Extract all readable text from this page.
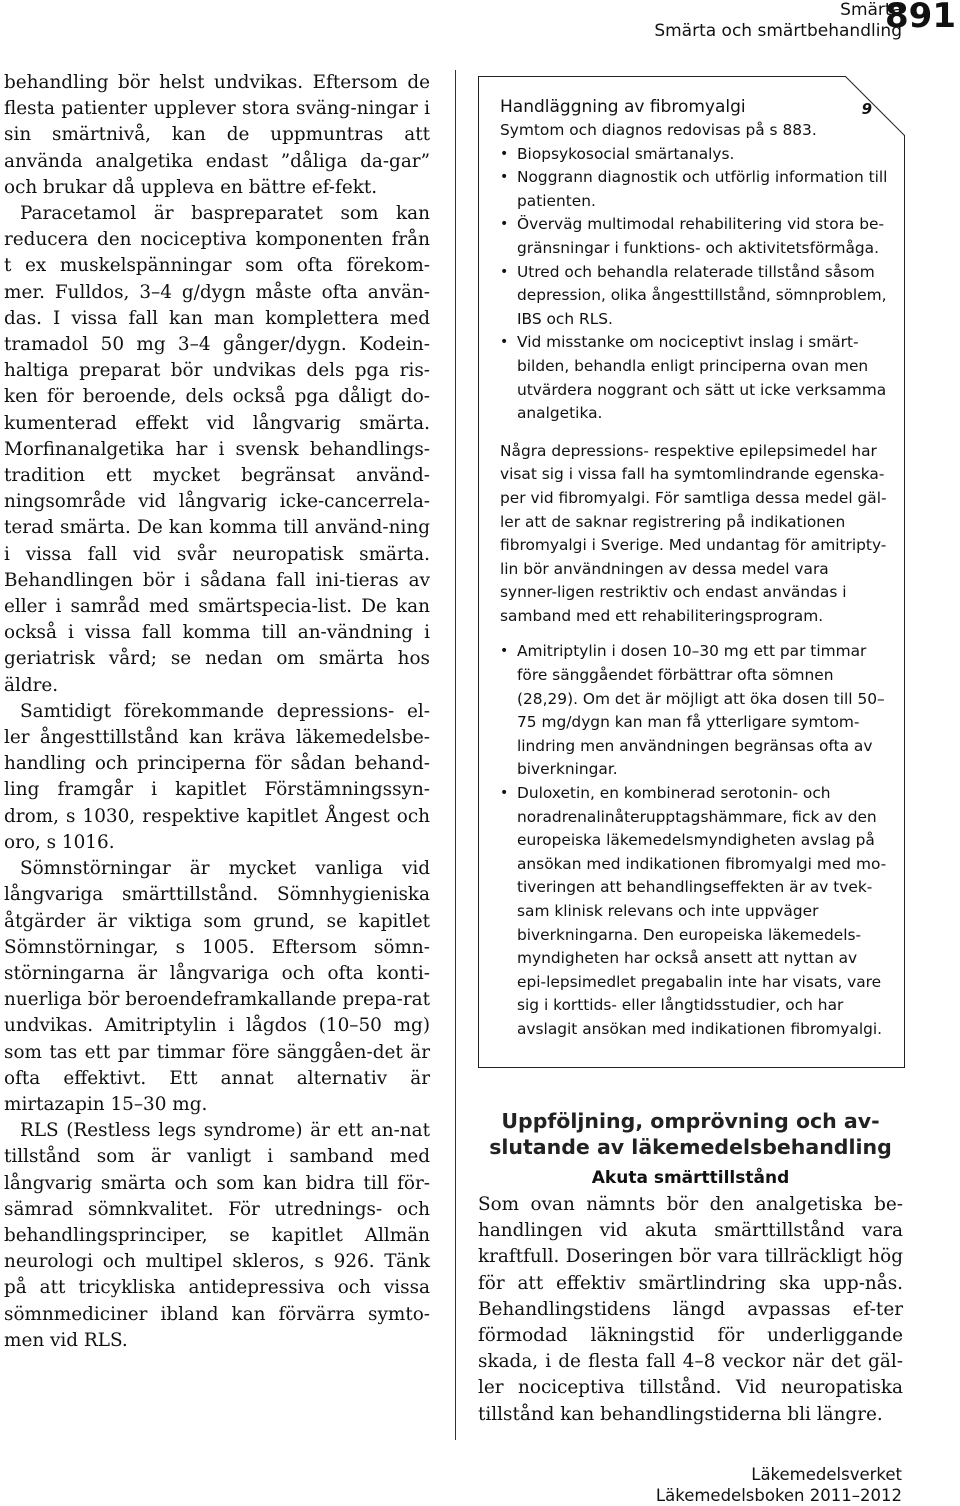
Smärta
Smärta och smärtbehandling
891

behandling bör helst undvikas. Eftersom de flesta patienter upplever stora sväng-ningar i sin smärtnivå, kan de uppmuntras att använda analgetika endast ”dåliga da-gar” och brukar då uppleva en bättre ef-fekt.

Paracetamol är baspreparatet som kan reducera den nociceptiva komponenten från t ex muskelspänningar som ofta förekom-mer. Fulldos, 3–4 g/dygn måste ofta använ-das. I vissa fall kan man komplettera med tramadol 50 mg 3–4 gånger/dygn. Kodein-haltiga preparat bör undvikas dels pga ris-ken för beroende, dels också pga dåligt do-kumenterad effekt vid långvarig smärta. Morfinanalgetika har i svensk behandlings-tradition ett mycket begränsat använd-ningsområde vid långvarig icke-cancerrela-terad smärta. De kan komma till använd-ning i vissa fall vid svår neuropatisk smärta. Behandlingen bör i sådana fall ini-tieras av eller i samråd med smärtspecia-list. De kan också i vissa fall komma till an-vändning i geriatrisk vård; se nedan om smärta hos äldre.

Samtidigt förekommande depressions- el-ler ångesttillstånd kan kräva läkemedelsbe-handling och principerna för sådan behand-ling framgår i kapitlet Förstämningssyn-drom, s 1030, respektive kapitlet Ångest och oro, s 1016.

Sömnstörningar är mycket vanliga vid långvariga smärttillstånd. Sömnhygieniska åtgärder är viktiga som grund, se kapitlet Sömnstörningar, s 1005. Eftersom sömn-störningarna är långvariga och ofta konti-nuerliga bör beroendeframkallande prepa-rat undvikas. Amitriptylin i lågdos (10–50 mg) som tas ett par timmar före sänggåen-det är ofta effektivt. Ett annat alternativ är mirtazapin 15–30 mg.

RLS (Restless legs syndrome) är ett an-nat tillstånd som är vanligt i samband med långvarig smärta och som kan bidra till för-sämrad sömnkvalitet. För utrednings- och behandlingsprinciper, se kapitlet Allmän neurologi och multipel skleros, s 926. Tänk på att tricykliska antidepressiva och vissa sömnmediciner ibland kan förvärra symto-men vid RLS.

9

Handläggning av fibromyalgi

Symtom och diagnos redovisas på s 883.

• Biopsykosocial smärtanalys.
• Noggrann diagnostik och utförlig information till patienten.
• Överväg multimodal rehabilitering vid stora be-gränsningar i funktions- och aktivitetsförmåga.
• Utred och behandla relaterade tillstånd såsom depression, olika ångesttillstånd, sömnproblem, IBS och RLS.
• Vid misstanke om nociceptivt inslag i smärt-bilden, behandla enligt principerna ovan men utvärdera noggrant och sätt ut icke verksamma analgetika.

Några depressions- respektive epilepsimedel har visat sig i vissa fall ha symtomlindrande egenska-per vid fibromyalgi. För samtliga dessa medel gäl-ler att de saknar registrering på indikationen fibromyalgi i Sverige. Med undantag för amitripty-lin bör användningen av dessa medel vara synner-ligen restriktiv och endast användas i samband med ett rehabiliteringsprogram.

• Amitriptylin i dosen 10–30 mg ett par timmar före sänggåendet förbättrar ofta sömnen (28,29). Om det är möjligt att öka dosen till 50–75 mg/dygn kan man få ytterligare symtom-lindring men användningen begränsas ofta av biverkningar.
• Duloxetin, en kombinerad serotonin- och noradrenalinåterupptagshämmare, fick av den europeiska läkemedelsmyndigheten avslag på ansökan med indikationen fibromyalgi med mo-tiveringen att behandlingseffekten är av tvek-sam klinisk relevans och inte uppväger biverkningarna. Den europeiska läkemedels-myndigheten har också ansett att nyttan av epi-lepsimedlet pregabalin inte har visats, vare sig i korttids- eller långtidsstudier, och har avslagit ansökan med indikationen fibromyalgi.
Uppföljning, omprövning och av-slutande av läkemedelsbehandling
Akuta smärttillstånd

Som ovan nämnts bör den analgetiska be-handlingen vid akuta smärttillstånd vara kraftfull. Doseringen bör vara tillräckligt hög för att effektiv smärtlindring ska upp-nås. Behandlingstidens längd avpassas ef-ter förmodad läkningstid för underliggande skada, i de flesta fall 4–8 veckor när det gäl-ler nociceptiva tillstånd. Vid neuropatiska tillstånd kan behandlingstiderna bli längre.

Läkemedelsverket
Läkemedelsboken 2011–2012
